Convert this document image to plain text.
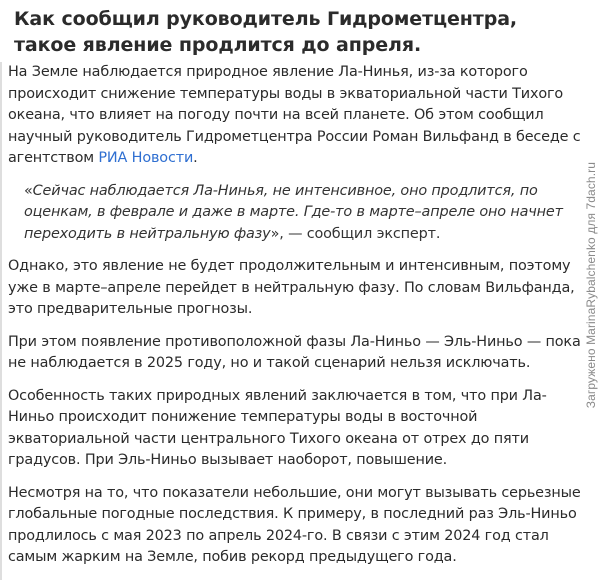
Как сообщил руководитель Гидрометцентра, такое явление продлится до апреля.

На Земле наблюдается природное явление Ла-Нинья, из-за которого происходит снижение температуры воды в экваториальной части Тихого океана, что влияет на погоду почти на всей планете. Об этом сообщил научный руководитель Гидрометцентра России Роман Вильфанд в беседе с агентством РИА Новости.

«Сейчас наблюдается Ла-Нинья, не интенсивное, оно продлится, по оценкам, в феврале и даже в марте. Где-то в марте–апреле оно начнет переходить в нейтральную фазу», — сообщил эксперт.

Однако, это явление не будет продолжительным и интенсивным, поэтому уже в марте–апреле перейдет в нейтральную фазу. По словам Вильфанда, это предварительные прогнозы.

При этом появление противоположной фазы Ла-Ниньо — Эль-Ниньо — пока не наблюдается в 2025 году, но и такой сценарий нельзя исключать.

Особенность таких природных явлений заключается в том, что при Ла-Ниньо происходит понижение температуры воды в восточной экваториальной части центрального Тихого океана от отрех до пяти градусов. При Эль-Ниньо вызывает наоборот, повышение.

Несмотря на то, что показатели небольшие, они могут вызывать серьезные глобальные погодные последствия. К примеру, в последний раз Эль-Ниньо продлилось с мая 2023 по апрель 2024-го. В связи с этим 2024 год стал самым жарким на Земле, побив рекорд предыдущего года.

Загружено MarinaRybalchenko для 7dach.ru
